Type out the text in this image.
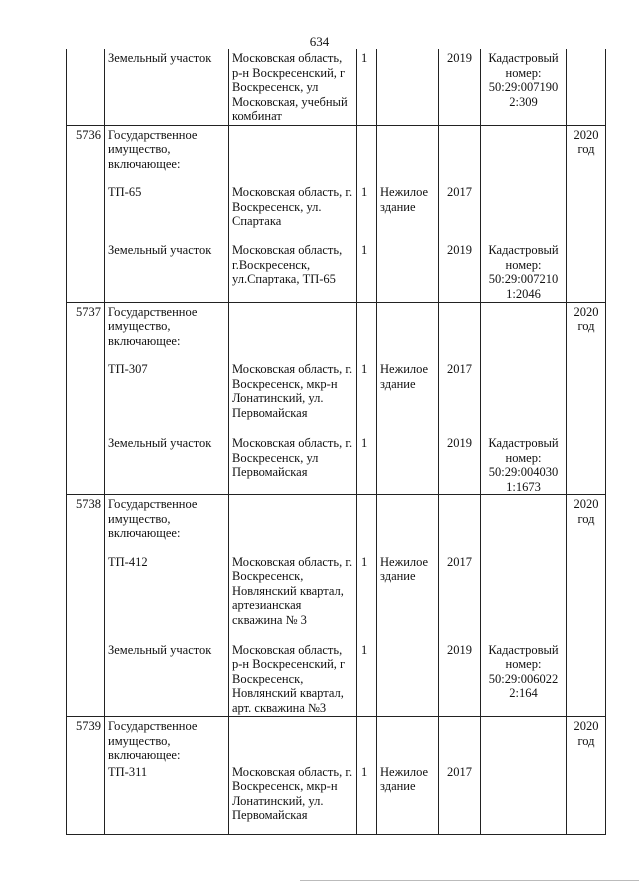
634
	Земельный участок	Московская область, р-н Воскресенский, г Воскресенск, ул Московская, учебный комбинат	1		2019	Кадастровый номер: 50:29:007190 2:309	
5736	Государственное имущество, включающее:						2020 год
	ТП-65	Московская область, г. Воскресенск, ул. Спартака	1	Нежилое здание	2017		
	Земельный участок	Московская область, г.Воскресенск, ул.Спартака, ТП-65	1		2019	Кадастровый номер: 50:29:007210 1:2046	
5737	Государственное имущество, включающее:						2020 год
	ТП-307	Московская область, г. Воскресенск, мкр-н Лонатинский, ул. Первомайская	1	Нежилое здание	2017		
	Земельный участок	Московская область, г. Воскресенск, ул Первомайская	1		2019	Кадастровый номер: 50:29:004030 1:1673	
5738	Государственное имущество, включающее:						2020 год
	ТП-412	Московская область, г. Воскресенск, Новлянский квартал, артезианская скважина № 3	1	Нежилое здание	2017		
	Земельный участок	Московская область, р-н Воскресенский, г Воскресенск, Новлянский квартал, арт. скважина №3	1		2019	Кадастровый номер: 50:29:006022 2:164	
5739	Государственное имущество, включающее:						2020 год
	ТП-311	Московская область, г. Воскресенск, мкр-н Лонатинский, ул. Первомайская	1	Нежилое здание	2017		
